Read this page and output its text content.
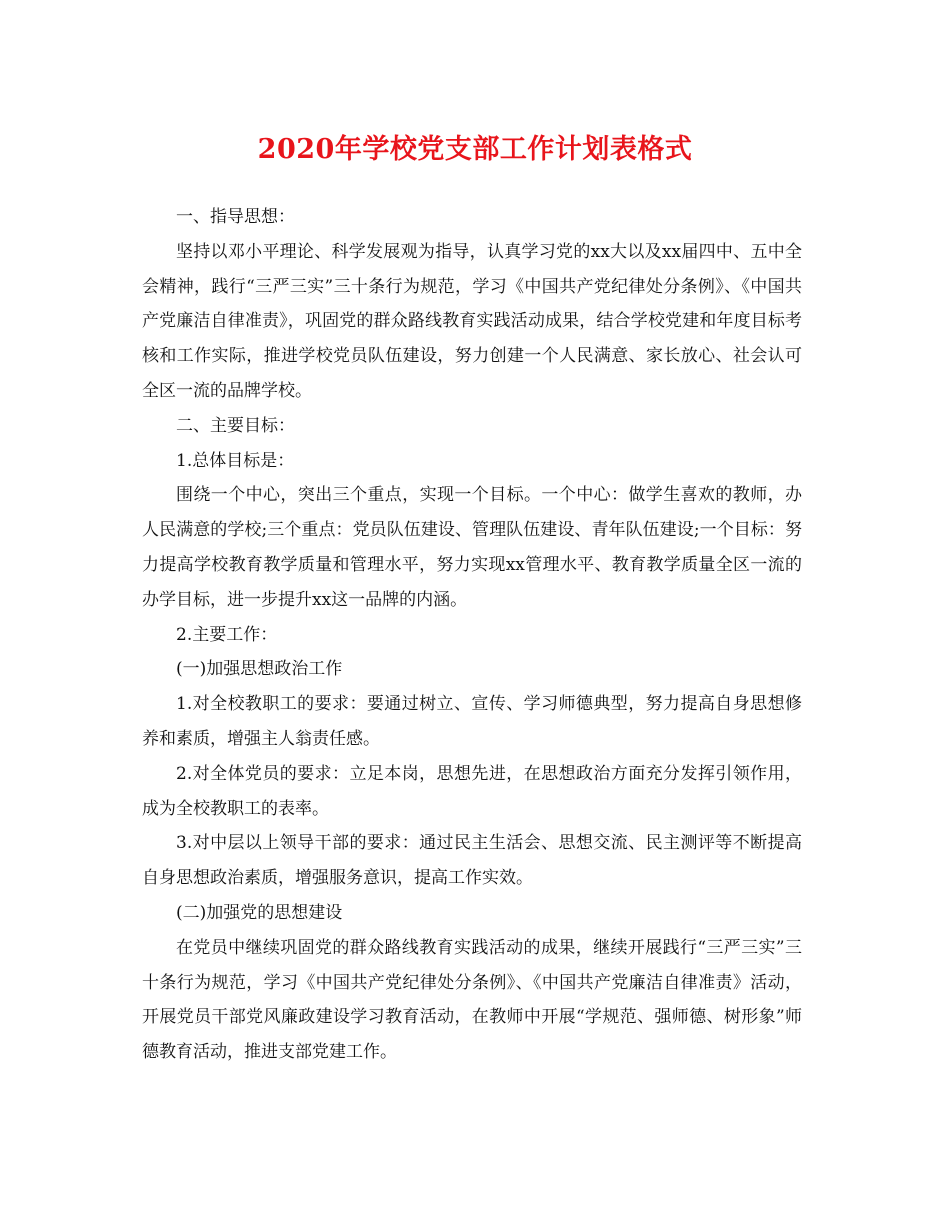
2020年学校党支部工作计划表格式

一、指导思想：

坚持以邓小平理论、科学发展观为指导，认真学习党的xx大以及xx届四中、五中全会精神，践行“三严三实”三十条行为规范，学习《中国共产党纪律处分条例》、《中国共产党廉洁自律准责》，巩固党的群众路线教育实践活动成果，结合学校党建和年度目标考核和工作实际，推进学校党员队伍建设，努力创建一个人民满意、家长放心、社会认可全区一流的品牌学校。

二、主要目标：

1.总体目标是：

围绕一个中心，突出三个重点，实现一个目标。一个中心：做学生喜欢的教师，办人民满意的学校;三个重点：党员队伍建设、管理队伍建设、青年队伍建设;一个目标：努力提高学校教育教学质量和管理水平，努力实现xx管理水平、教育教学质量全区一流的办学目标，进一步提升xx这一品牌的内涵。

2.主要工作：

(一)加强思想政治工作

1.对全校教职工的要求：要通过树立、宣传、学习师德典型，努力提高自身思想修养和素质，增强主人翁责任感。

2.对全体党员的要求：立足本岗，思想先进，在思想政治方面充分发挥引领作用，成为全校教职工的表率。

3.对中层以上领导干部的要求：通过民主生活会、思想交流、民主测评等不断提高自身思想政治素质，增强服务意识，提高工作实效。

(二)加强党的思想建设

在党员中继续巩固党的群众路线教育实践活动的成果，继续开展践行“三严三实”三十条行为规范，学习《中国共产党纪律处分条例》、《中国共产党廉洁自律准责》活动，开展党员干部党风廉政建设学习教育活动，在教师中开展“学规范、强师德、树形象”师德教育活动，推进支部党建工作。
